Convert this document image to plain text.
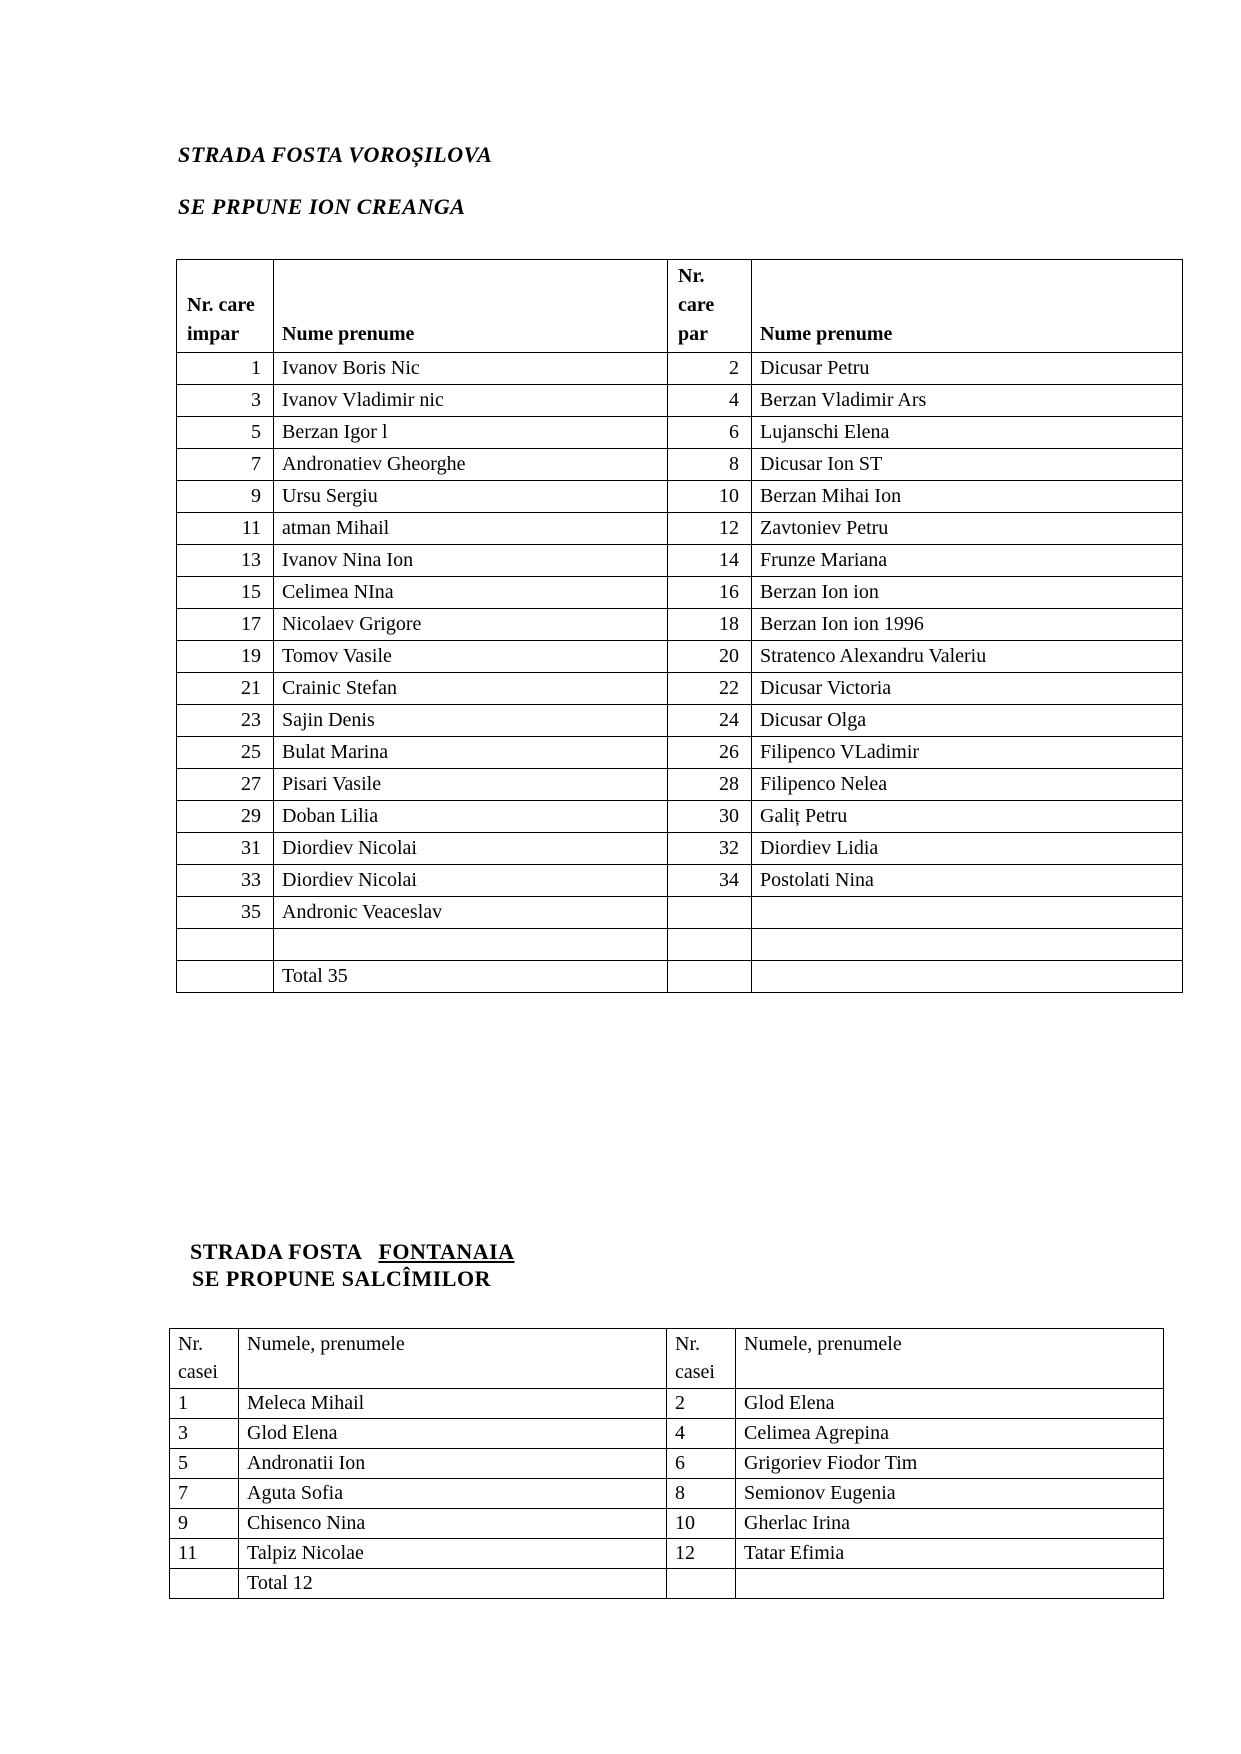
STRADA FOSTA VOROȘILOVA
SE PRPUNE ION CREANGA
Nr. care impar	Nume prenume	Nr. care par	Nume prenume
1	Ivanov Boris Nic	2	Dicusar Petru
3	Ivanov Vladimir nic	4	Berzan Vladimir Ars
5	Berzan Igor l	6	Lujanschi Elena
7	Andronatiev Gheorghe	8	Dicusar Ion ST
9	Ursu Sergiu	10	Berzan Mihai Ion
11	atman Mihail	12	Zavtoniev Petru
13	Ivanov Nina Ion	14	Frunze Mariana
15	Celimea NIna	16	Berzan Ion ion
17	Nicolaev Grigore	18	Berzan Ion ion 1996
19	Tomov Vasile	20	Stratenco Alexandru Valeriu
21	Crainic Stefan	22	Dicusar Victoria
23	Sajin Denis	24	Dicusar Olga
25	Bulat Marina	26	Filipenco VLadimir
27	Pisari Vasile	28	Filipenco Nelea
29	Doban Lilia	30	Galiț Petru
31	Diordiev Nicolai	32	Diordiev Lidia
33	Diordiev Nicolai	34	Postolati Nina
35	Andronic Veaceslav		

	Total 35		

STRADA FOSTA FONTANAIA

SE PROPUNE SALCÎMILOR
Nr. casei	Numele, prenumele	Nr. casei	Numele, prenumele
1	Meleca Mihail	2	Glod Elena
3	Glod Elena	4	Celimea Agrepina
5	Andronatii Ion	6	Grigoriev Fiodor Tim
7	Aguta Sofia	8	Semionov Eugenia
9	Chisenco Nina	10	Gherlac Irina
11	Talpiz Nicolae	12	Tatar Efimia
	Total 12		
